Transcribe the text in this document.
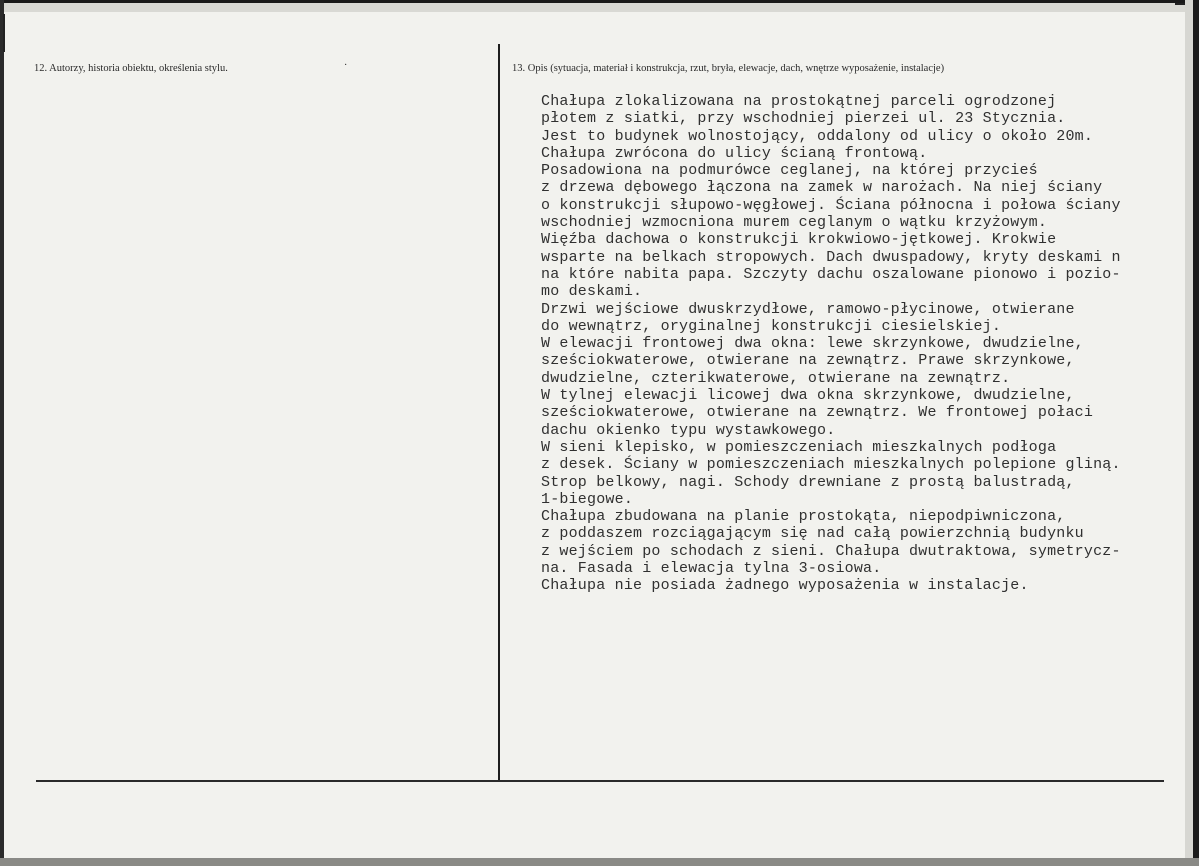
12. Autorzy, historia obiektu, określenia stylu.	·	13. Opis (sytuacja, materiał i konstrukcja, rzut, bryła, elewacje, dach, wnętrze wyposażenie, instalacje)
Chałupa zlokalizowana na prostokątnej parceli ogrodzonej
płotem z siatki, przy wschodniej pierzei ul. 23 Stycznia.
Jest to budynek wolnostojący, oddalony od ulicy o około 20m.
Chałupa zwrócona do ulicy ścianą frontową.
Posadowiona na podmurówce ceglanej, na której przycieś
z drzewa dębowego łączona na zamek w narożach. Na niej ściany
o konstrukcji słupowo-węgłowej. Ściana północna i połowa ściany
wschodniej wzmocniona murem ceglanym o wątku krzyżowym.
Więźba dachowa o konstrukcji krokwiowo-jętkowej. Krokwie
wsparte na belkach stropowych. Dach dwuspadowy, kryty deskami n
na które nabita papa. Szczyty dachu oszalowane pionowo i pozio-
mo deskami.
Drzwi wejściowe dwuskrzydłowe, ramowo-płycinowe, otwierane
do wewnątrz, oryginalnej konstrukcji ciesielskiej.
W elewacji frontowej dwa okna: lewe skrzynkowe, dwudzielne,
sześciokwaterowe, otwierane na zewnątrz. Prawe skrzynkowe,
dwudzielne, czterikwaterowe, otwierane na zewnątrz.
W tylnej elewacji licowej dwa okna skrzynkowe, dwudzielne,
sześciokwaterowe, otwierane na zewnątrz. We frontowej połaci
dachu okienko typu wystawkowego.
W sieni klepisko, w pomieszczeniach mieszkalnych podłoga
z desek. Ściany w pomieszczeniach mieszkalnych polepione gliną.
Strop belkowy, nagi. Schody drewniane z prostą balustradą,
1-biegowe.
Chałupa zbudowana na planie prostokąta, niepodpiwniczona,
z poddaszem rozciągającym się nad całą powierzchnią budynku
z wejściem po schodach z sieni. Chałupa dwutraktowa, symetrycz-
na. Fasada i elewacja tylna 3-osiowa.
Chałupa nie posiada żadnego wyposażenia w instalacje.
